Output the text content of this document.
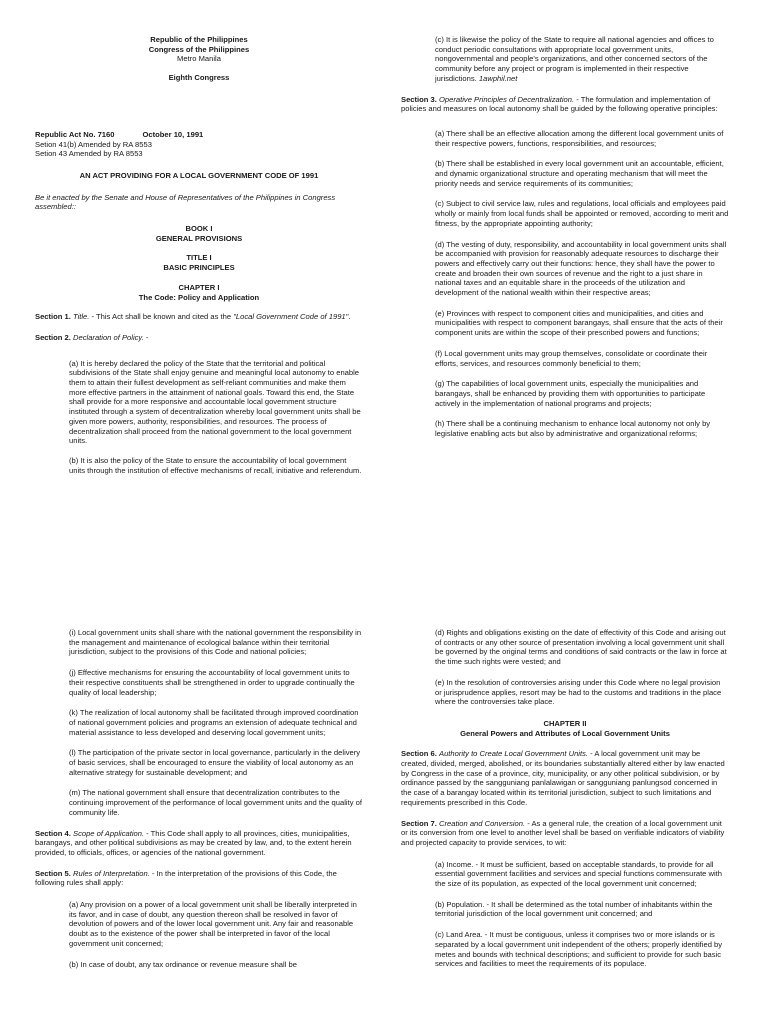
Republic of the Philippines

Congress of the Philippines

Metro Manila

Eighth Congress

Republic Act No. 7160	October 10, 1991

Setion 41(b) Amended by RA 8553

Setion 43 Amended by RA 8553

AN ACT PROVIDING FOR A LOCAL GOVERNMENT CODE OF 1991

Be it enacted by the Senate and House of Representatives of the Philippines in Congress assembled::

BOOK I

GENERAL PROVISIONS

TITLE I

BASIC PRINCIPLES

CHAPTER I

The Code: Policy and Application

Section 1. Title. - This Act shall be known and cited as the "Local Government Code of 1991".

Section 2. Declaration of Policy. -

(a) It is hereby declared the policy of the State that the territorial and political subdivisions of the State shall enjoy genuine and meaningful local autonomy to enable them to attain their fullest development as self-reliant communities and make them more effective partners in the attainment of national goals. Toward this end, the State shall provide for a more responsive and accountable local government structure instituted through a system of decentralization whereby local government units shall be given more powers, authority, responsibilities, and resources. The process of decentralization shall proceed from the national government to the local government units.

(b) It is also the policy of the State to ensure the accountability of local government units through the institution of effective mechanisms of recall, initiative and referendum.

(c) It is likewise the policy of the State to require all national agencies and offices to conduct periodic consultations with appropriate local government units, nongovernmental and people's organizations, and other concerned sectors of the community before any project or program is implemented in their respective jurisdictions. 1awphil.net

Section 3. Operative Principles of Decentralization. - The formulation and implementation of policies and measures on local autonomy shall be guided by the following operative principles:

(a) There shall be an effective allocation among the different local government units of their respective powers, functions, responsibilities, and resources;

(b) There shall be established in every local government unit an accountable, efficient, and dynamic organizational structure and operating mechanism that will meet the priority needs and service requirements of its communities;

(c) Subject to civil service law, rules and regulations, local officials and employees paid wholly or mainly from local funds shall be appointed or removed, according to merit and fitness, by the appropriate appointing authority;

(d) The vesting of duty, responsibility, and accountability in local government units shall be accompanied with provision for reasonably adequate resources to discharge their powers and effectively carry out their functions: hence, they shall have the power to create and broaden their own sources of revenue and the right to a just share in national taxes and an equitable share in the proceeds of the utilization and development of the national wealth within their respective areas;

(e) Provinces with respect to component cities and municipalities, and cities and municipalities with respect to component barangays, shall ensure that the acts of their component units are within the scope of their prescribed powers and functions;

(f) Local government units may group themselves, consolidate or coordinate their efforts, services, and resources commonly beneficial to them;

(g) The capabilities of local government units, especially the municipalities and barangays, shall be enhanced by providing them with opportunities to participate actively in the implementation of national programs and projects;

(h) There shall be a continuing mechanism to enhance local autonomy not only by legislative enabling acts but also by administrative and organizational reforms;

(i) Local government units shall share with the national government the responsibility in the management and maintenance of ecological balance within their territorial jurisdiction, subject to the provisions of this Code and national policies;

(j) Effective mechanisms for ensuring the accountability of local government units to their respective constituents shall be strengthened in order to upgrade continually the quality of local leadership;

(k) The realization of local autonomy shall be facilitated through improved coordination of national government policies and programs an extension of adequate technical and material assistance to less developed and deserving local government units;

(l) The participation of the private sector in local governance, particularly in the delivery of basic services, shall be encouraged to ensure the viability of local autonomy as an alternative strategy for sustainable development; and

(m) The national government shall ensure that decentralization contributes to the continuing improvement of the performance of local government units and the quality of community life.

Section 4. Scope of Application. - This Code shall apply to all provinces, cities, municipalities, barangays, and other political subdivisions as may be created by law, and, to the extent herein provided, to officials, offices, or agencies of the national government.

Section 5. Rules of Interpretation. - In the interpretation of the provisions of this Code, the following rules shall apply:

(a) Any provision on a power of a local government unit shall be liberally interpreted in its favor, and in case of doubt, any question thereon shall be resolved in favor of devolution of powers and of the lower local government unit. Any fair and reasonable doubt as to the existence of the power shall be interpreted in favor of the local government unit concerned;

(b) In case of doubt, any tax ordinance or revenue measure shall be

(d) Rights and obligations existing on the date of effectivity of this Code and arising out of contracts or any other source of presentation involving a local government unit shall be governed by the original terms and conditions of said contracts or the law in force at the time such rights were vested; and

(e) In the resolution of controversies arising under this Code where no legal provision or jurisprudence applies, resort may be had to the customs and traditions in the place where the controversies take place.

CHAPTER II

General Powers and Attributes of Local Government Units

Section 6. Authority to Create Local Government Units. - A local government unit may be created, divided, merged, abolished, or its boundaries substantially altered either by law enacted by Congress in the case of a province, city, municipality, or any other political subdivision, or by ordinance passed by the sangguniang panlalawigan or sangguniang panlungsod concerned in the case of a barangay located within its territorial jurisdiction, subject to such limitations and requirements prescribed in this Code.

Section 7. Creation and Conversion. - As a general rule, the creation of a local government unit or its conversion from one level to another level shall be based on verifiable indicators of viability and projected capacity to provide services, to wit:

(a) Income. - It must be sufficient, based on acceptable standards, to provide for all essential government facilities and services and special functions commensurate with the size of its population, as expected of the local government unit concerned;

(b) Population. - It shall be determined as the total number of inhabitants within the territorial jurisdiction of the local government unit concerned; and

(c) Land Area. - It must be contiguous, unless it comprises two or more islands or is separated by a local government unit independent of the others; properly identified by metes and bounds with technical descriptions; and sufficient to provide for such basic services and facilities to meet the requirements of its populace.
